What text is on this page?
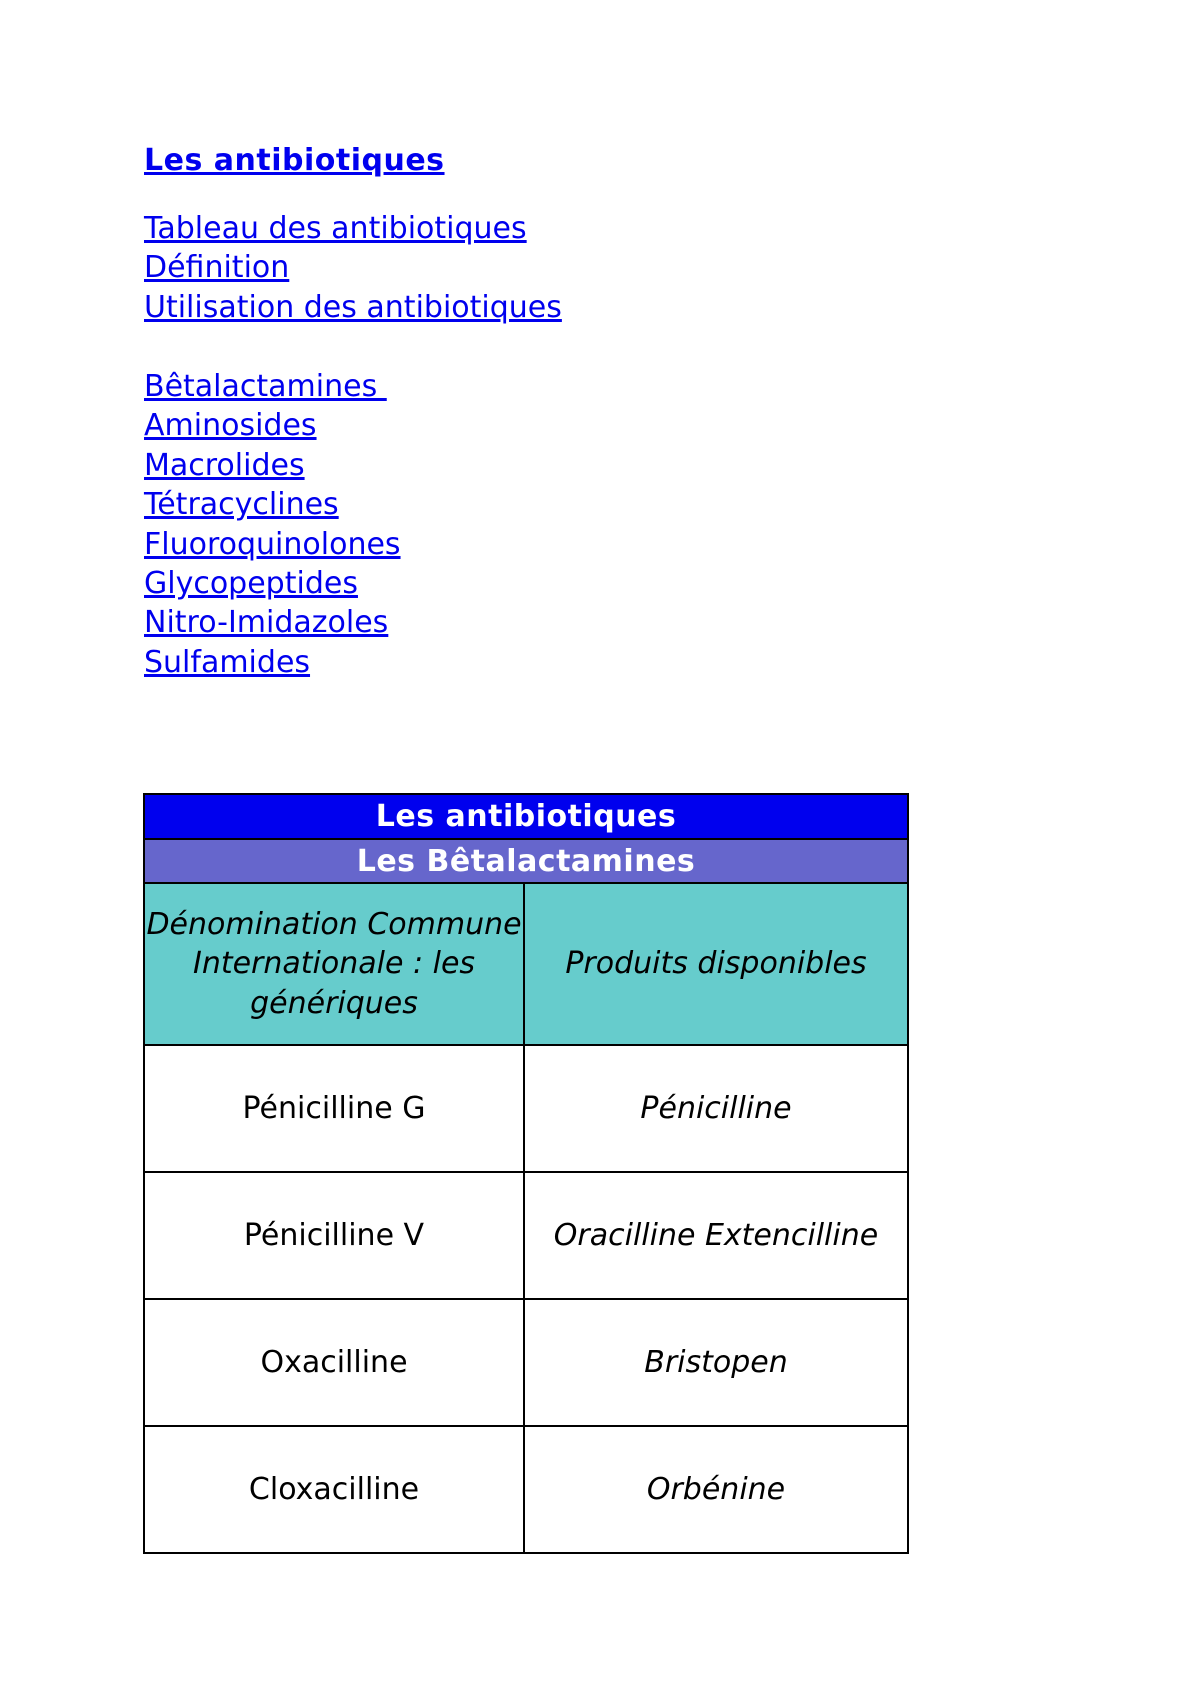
Les antibiotiques
Tableau des antibiotiques
Définition
Utilisation des antibiotiques
Bêtalactamines
Aminosides
Macrolides
Tétracyclines
Fluoroquinolones
Glycopeptides
Nitro-Imidazoles
Sulfamides
Les antibiotiques	
Les Bêtalactamines	
Dénomination Commune Internationale : les génériques	Produits disponibles
Pénicilline G	Pénicilline
Pénicilline V	Oracilline Extencilline
Oxacilline	Bristopen
Cloxacilline	Orbénine
